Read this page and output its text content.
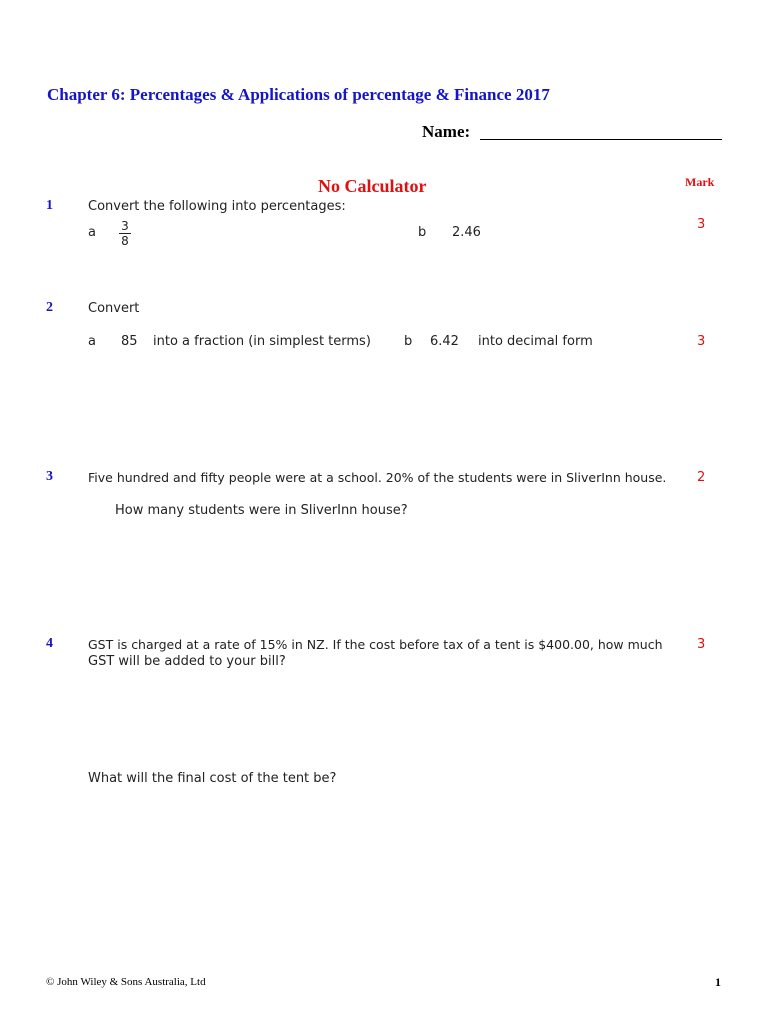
Chapter 6: Percentages & Applications of percentage & Finance 2017
Name:
No Calculator	Mark
1	Convert the following into percentages:
a $\frac{3}{8}$	b 2.46
3
2	Convert
a 85 into a fraction (in simplest terms)	b 6.42 into decimal form	3
3	Five hundred and fifty people were at a school. 20% of the students were in SliverInn house.
How many students were in SliverInn house?
2
4	GST is charged at a rate of 15% in NZ. If the cost before tax of a tent is $400.00, how much
GST will be added to your bill?
3
What will the final cost of the tent be?
© John Wiley & Sons Australia, Ltd	1
